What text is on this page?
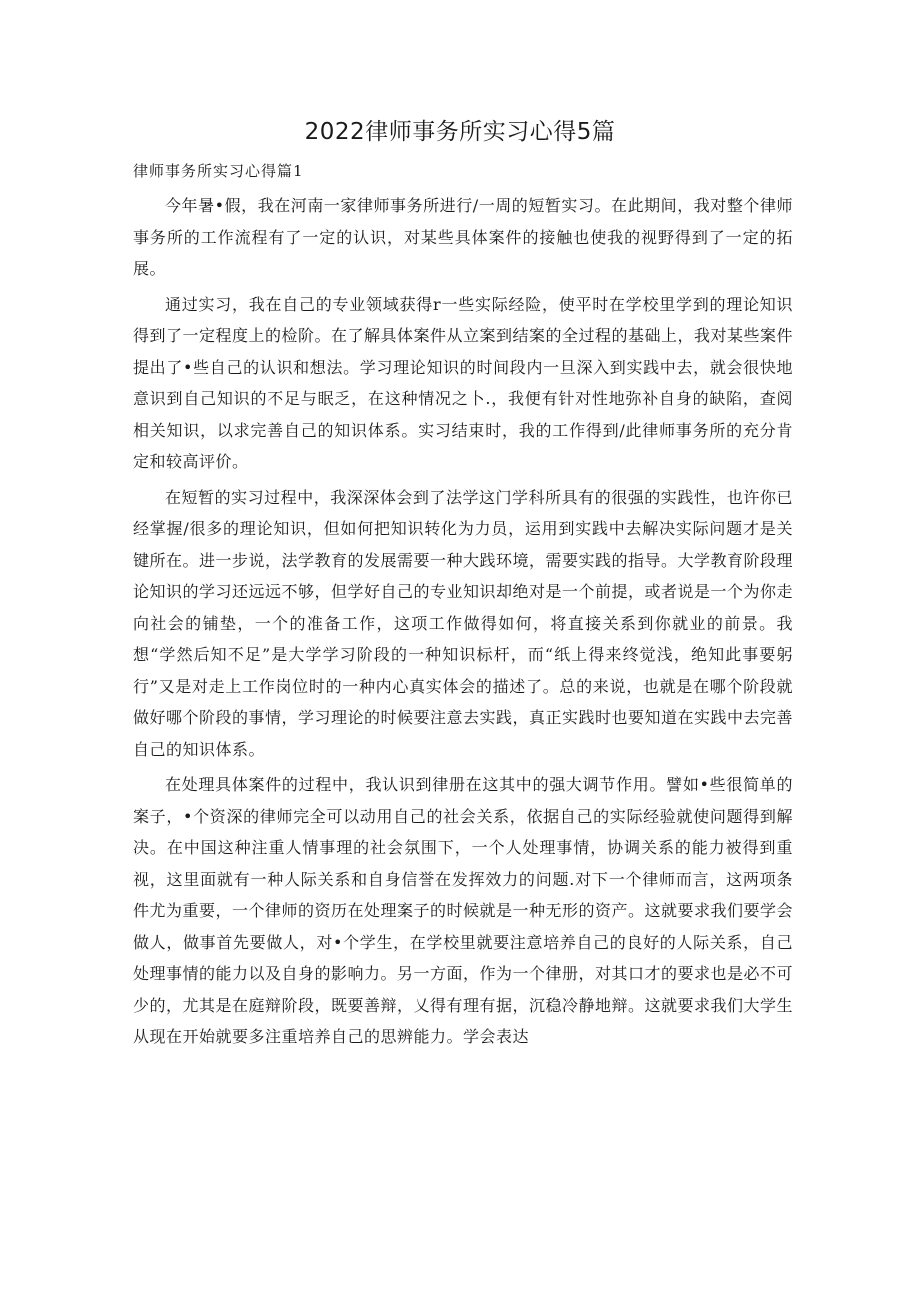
2022律师事务所实习心得5篇

律师事务所实习心得篇1

今年暑•假，我在河南一家律师事务所进行/一周的短暂实习。在此期间，我对整个律师事务所的工作流程有了一定的认识，对某些具体案件的接触也使我的视野得到了一定的拓展。

通过实习，我在自己的专业领域获得r一些实际经险，使平时在学校里学到的理论知识得到了一定程度上的检阶。在了解具体案件从立案到结案的全过程的基础上，我对某些案件提出了•些自己的认识和想法。学习理论知识的时间段内一旦深入到实践中去，就会很快地意识到自己知识的不足与眠乏，在这种情况之卜.，我便有针对性地弥补自身的缺陷，查阅相关知识，以求完善自己的知识体系。实习结束时，我的工作得到/此律师事务所的充分肯定和较高评价。

在短暂的实习过程中，我深深体会到了法学这门学科所具有的很强的实践性，也许你已经掌握/很多的理论知识，但如何把知识转化为力员，运用到实践中去解决实际问题才是关键所在。进一步说，法学教育的发展需要一种大践环境，需要实践的指导。大学教育阶段理论知识的学习还远远不够，但学好自己的专业知识却绝对是一个前提，或者说是一个为你走向社会的铺垫，一个的准备工作，这项工作做得如何，将直接关系到你就业的前景。我想“学然后知不足”是大学学习阶段的一种知识标杆，而“纸上得来终觉浅，绝知此事要躬行”又是对走上工作岗位时的一种内心真实体会的描述了。总的来说，也就是在哪个阶段就做好哪个阶段的事情，学习理论的时候要注意去实践，真正实践时也要知道在实践中去完善自己的知识体系。

在处理具体案件的过程中，我认识到律册在这其中的强大调节作用。譬如•些很简单的案子，•个资深的律师完全可以动用自己的社会关系，依据自己的实际经验就使问题得到解决。在中国这种注重人情事理的社会氛围下，一个人处理事情，协调关系的能力被得到重视，这里面就有一种人际关系和自身信誉在发挥效力的问题.对下一个律师而言，这两项条件尤为重要，一个律师的资历在处理案子的时候就是一种无形的资产。这就要求我们要学会做人，做事首先要做人，对•个学生，在学校里就要注意培养自己的良好的人际关系，自己处理事情的能力以及自身的影响力。另一方面，作为一个律册，对其口才的要求也是必不可少的，尤其是在庭辩阶段，既要善辩，乂得有理有据，沉稳冷静地辩。这就要求我们大学生从现在开始就要多注重培养自己的思辨能力。学会表达
